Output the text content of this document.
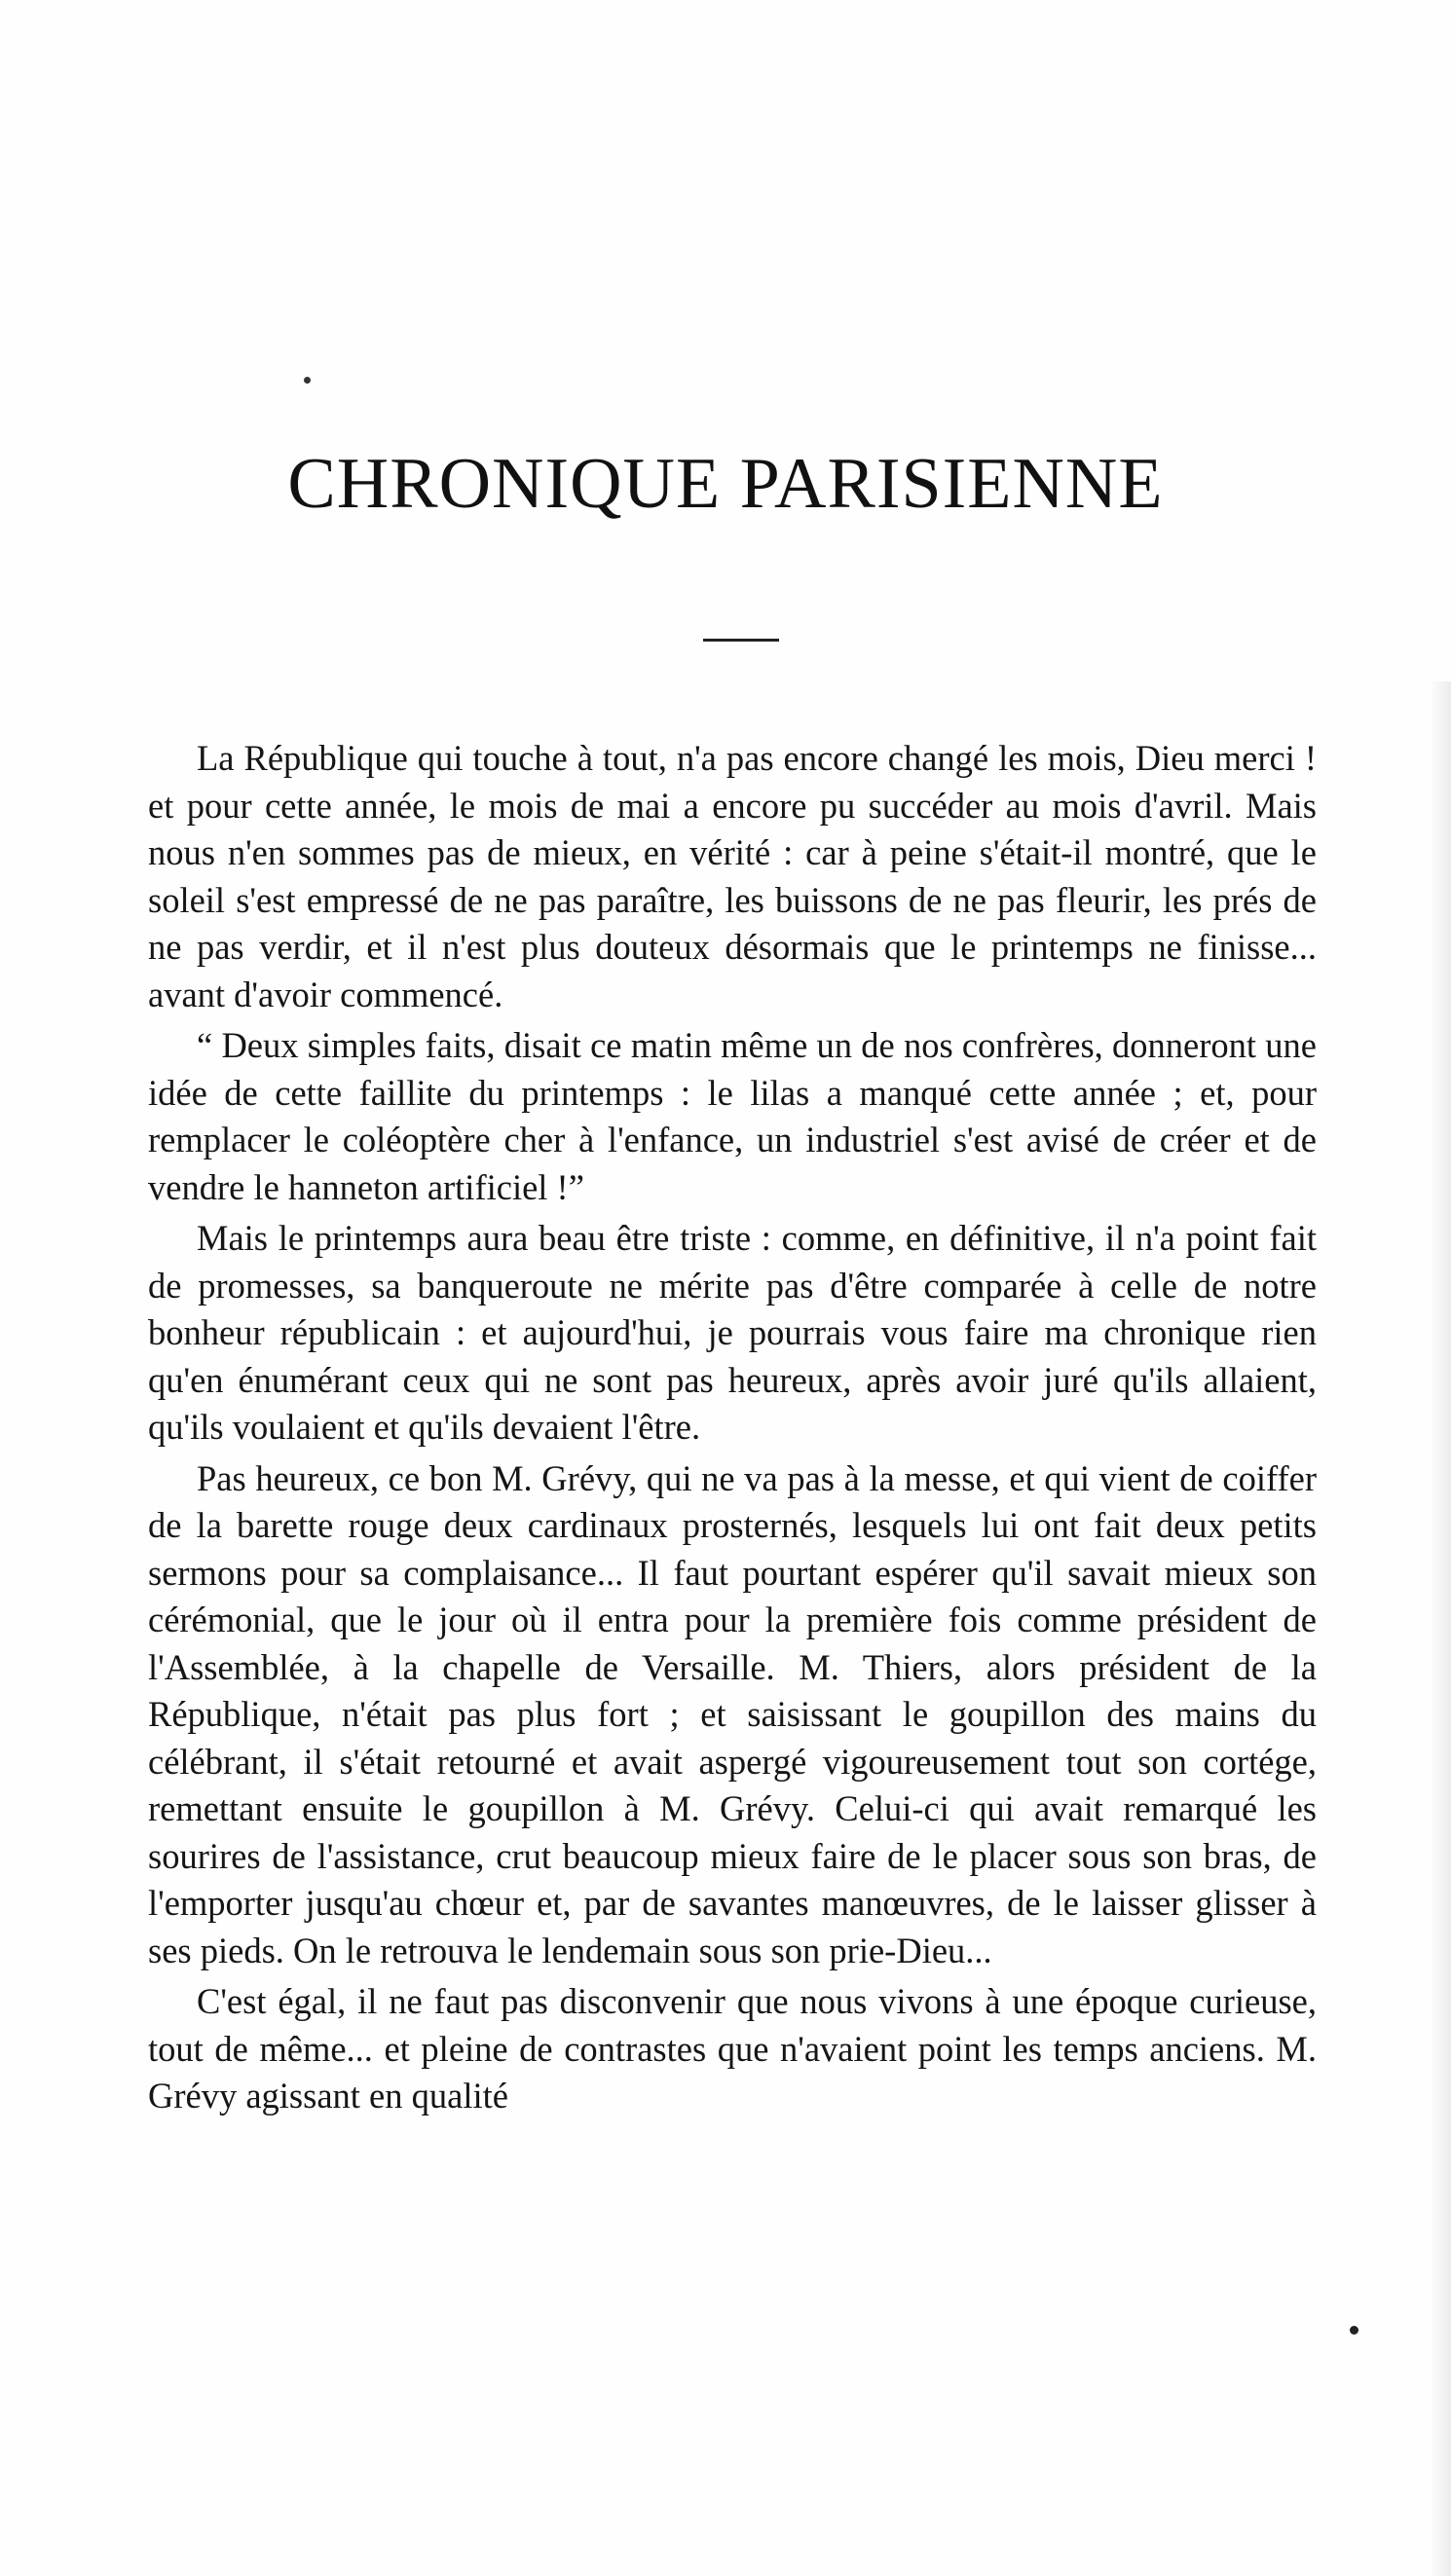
CHRONIQUE PARISIENNE

La République qui touche à tout, n'a pas encore changé les mois, Dieu merci ! et pour cette année, le mois de mai a encore pu succéder au mois d'avril. Mais nous n'en sommes pas de mieux, en vérité : car à peine s'était-il montré, que le soleil s'est empressé de ne pas paraître, les buissons de ne pas fleurir, les prés de ne pas verdir, et il n'est plus douteux désormais que le printemps ne finisse... avant d'avoir commencé.

“ Deux simples faits, disait ce matin même un de nos confrères, donneront une idée de cette faillite du printemps : le lilas a manqué cette année ; et, pour remplacer le coléoptère cher à l'enfance, un industriel s'est avisé de créer et de vendre le hanneton artificiel !”

Mais le printemps aura beau être triste : comme, en définitive, il n'a point fait de promesses, sa banqueroute ne mérite pas d'être comparée à celle de notre bonheur républicain : et aujourd'hui, je pourrais vous faire ma chronique rien qu'en énumérant ceux qui ne sont pas heureux, après avoir juré qu'ils allaient, qu'ils voulaient et qu'ils devaient l'être.

Pas heureux, ce bon M. Grévy, qui ne va pas à la messe, et qui vient de coiffer de la barette rouge deux cardinaux prosternés, lesquels lui ont fait deux petits sermons pour sa complaisance... Il faut pourtant espérer qu'il savait mieux son cérémonial, que le jour où il entra pour la première fois comme président de l'Assemblée, à la chapelle de Versaille. M. Thiers, alors président de la République, n'était pas plus fort ; et saisissant le goupillon des mains du célébrant, il s'était retourné et avait aspergé vigoureusement tout son cortége, remettant ensuite le goupillon à M. Grévy. Celui-ci qui avait remarqué les sourires de l'assistance, crut beaucoup mieux faire de le placer sous son bras, de l'emporter jusqu'au chœur et, par de savantes manœuvres, de le laisser glisser à ses pieds. On le retrouva le lendemain sous son prie-Dieu...

C'est égal, il ne faut pas disconvenir que nous vivons à une époque curieuse, tout de même... et pleine de contrastes que n'avaient point les temps anciens. M. Grévy agissant en qualité
